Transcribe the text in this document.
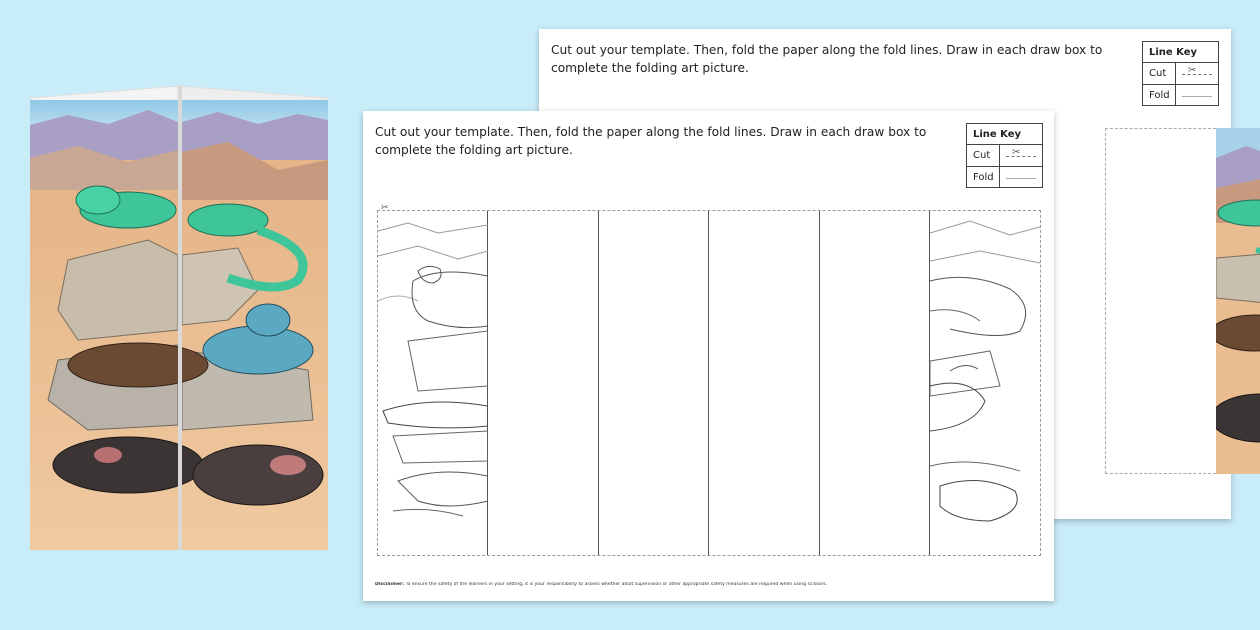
Cut out your template. Then, fold the paper along the fold lines. Draw in each draw box to complete the folding art picture.

Line Key
Cut	✂
Fold

Cut out your template. Then, fold the paper along the fold lines. Draw in each draw box to complete the folding art picture.

Line Key
Cut	✂
Fold
✂

Disclaimer: To ensure the safety of the learners in your setting, it is your responsibility to assess whether adult supervision or other appropriate safety measures are required when using scissors.
